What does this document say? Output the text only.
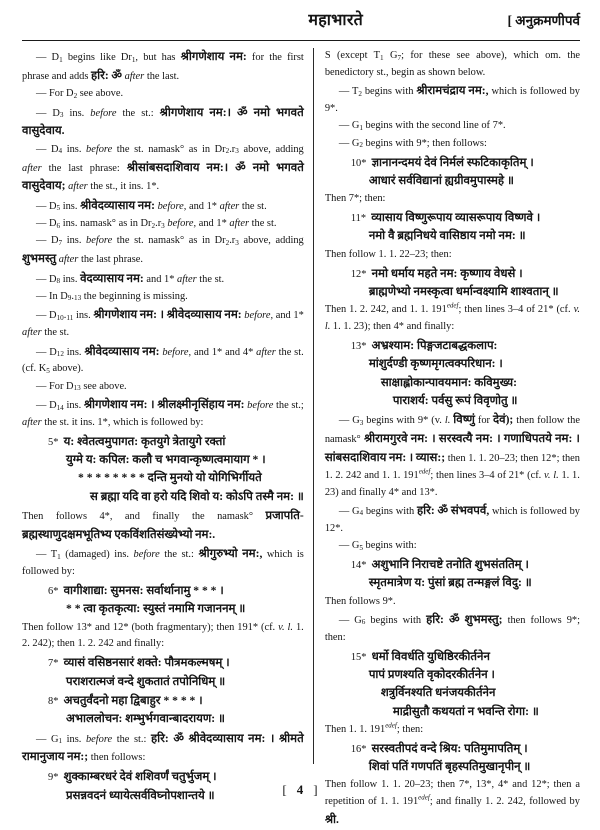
महाभारते	[ अनुक्रमणीपर्व

— $D_1$ begins like $Dr_1$, but has श्रीगणेशाय नम: for the first phrase and adds हरि: ॐ after the last.

— For $D_2$ see above.

— $D_3$ ins. before the st.: श्रीगणेशाय नम:। ॐ नमो भगवते वासुदेवाय.

— $D_4$ ins. before the st. namask° as in $Dr_2.r_3$ above, adding after the last phrase: श्रीसांबसदाशिवाय नम:। ॐ नमो भगवते वासुदेवाय; after the st., it ins. 1*.

— $D_5$ ins. श्रीवेदव्यासाय नम: before, and 1* after the st.

— $D_6$ ins. namask° as in $Dr_2.r_3$ before, and 1* after the st.

— $D_7$ ins. before the st. namask° as in $Dr_2.r_3$ above, adding शुभमस्तु after the last phrase.

— $D_8$ ins. वेदव्यासाय नम: and 1* after the st.

— In $D_9._{13}$ the beginning is missing.

— $D_{10}._{11}$ ins. श्रीगणेशाय नम: । श्रीवेदव्यासाय नम: before, and 1* after the st.

— $D_{12}$ ins. श्रीवेदव्यासाय नम: before, and 1* and 4* after the st. (cf. $K_5$ above).

— For $D_{13}$ see above.

— $D_{14}$ ins. श्रीगणेशाय नम: । श्रीलक्ष्मीनृसिंहाय नम: before the st.; after the st. it ins. 1*, which is followed by:

5*  य: श्वेतत्वमुपागत: कृतयुगे त्रेतायुगे रक्तां
युग्मे य: कपिल: कलौ च भगवान्कृष्णत्वमायाग * ।
* * * * * * * * दन्ति मुनयो यो योगिभिर्गीयते
स ब्रह्मा यदि वा हरो यदि शिवो य: कोऽपि तस्मै नम: ॥

Then follows 4*, and finally the namask° प्रजापति-ब्रह्मस्थाणुदक्षमभूतिभ्य एकविंशतिसंख्येभ्यो नम:.

— $T_1$ (damaged) ins. before the st.: श्रीगुरुभ्यो नम:, which is followed by:

6*  वागीशाद्या: सुमनस: सर्वार्थानामु * * * ।
* * त्वा कृतकृत्या: स्युस्तं नमामि गजाननम् ॥

Then follow 13* and 12* (both fragmentary); then 191* (cf. v. l. 1. 2. 242); then 1. 2. 242 and finally:

7*  व्यासं वसिष्ठनसारं शक्ते: पौत्रमकल्मषम् ।
पराशरात्मजं वन्दे शुकतातं तपोनिधिम् ॥
8*  अचतुर्वंदनो महा द्विबाहुर * * * * ।
अभाललोचन: शम्भुर्भगवान्बादरायण: ॥

— $G_1$ ins. before the st.: हरि: ॐ श्रीवेदव्यासाय नम: । श्रीमते रामानुजाय नम:; then follows:

9*  शुक्काम्बरधरं देवं शशिवर्णं चतुर्भुजम् ।
प्रसन्नवदनं ध्यायेत्सर्वविघ्नोपशान्तये ॥

S (except $T_1$ $G_7$; for these see above), which om. the benedictory st., begin as shown below.

— $T_2$ begins with श्रीरामचंद्राय नम:, which is followed by 9*.

— $G_1$ begins with the second line of 7*.

— $G_2$ begins with 9*; then follows:

10*  ज्ञानानन्दमयं देवं निर्मलं स्फटिकाकृतिम् ।
आधारं सर्वविद्यानां ह्यग्रीवमुपास्महे ॥

Then 7*; then:

11*  व्यासाय विष्णुरूपाय व्यासरूपाय विष्णवे ।
नमो वै ब्रह्मनिधये वासिष्ठाय नमो नम: ॥

Then follow 1. 1. 22–23; then:

12*  नमो धर्माय महते नम: कृष्णाय वेधसे ।
ब्राह्मणेभ्यो नमस्कृत्वा धर्मान्वक्ष्यामि शाश्वतान् ॥

Then 1. 2. 242, and 1. 1. $191^{edef}$; then lines 3–4 of 21* (cf. v. l. 1. 1. 23); then 4* and finally:

13*  अभ्रश्याम: पिङ्गजटाबद्धकलाप:
मांशुर्दण्डी कृष्णमृगत्वक्परिधान: ।
साक्षाह्लोकान्पावयमान: कविमुख्य:
पाराशर्य: पर्वसु रूपं विवृणोतु ॥

— $G_3$ begins with 9* (v. l. विष्णुं for देवं); then follow the namask° श्रीरामगुरवे नम: । सरस्वत्यै नम: । गणाधिपतये नम: । सांबसदाशिवाय नम: । व्यास:; then 1. 1. 20–23; then 12*; then 1. 2. 242 and 1. 1. $191^{edef}$; then lines 3–4 of 21* (cf. v. l. 1. 1. 23) and finally 4* and 13*.

— $G_4$ begins with हरि: ॐ संभवपर्व, which is followed by 12*.

— $G_5$ begins with:

14*  अशुभानि निराचष्टे तनोति शुभसंततिम् ।
स्मृतमात्रेण य: पुंसां ब्रह्म तन्मङ्गलं विदु: ॥

Then follows 9*.

— $G_6$ begins with हरि: ॐ शुभमस्तु; then follows 9*; then:

15*  धर्मो विवर्धति युधिष्ठिरकीर्तनेन
पापं प्रणश्यति वृकोदरकीर्तनेन ।
शत्रुर्विनश्यति धनंजयकीर्तनेन
माद्रीसुतौ कथयतां न भवन्ति रोगा: ॥

Then 1. 1. $191^{edef}$; then:

16*  सरस्वतीपदं वन्दे श्रिय: पतिमुमापतिम् ।
शिवां पतिं गणपतिं बृहस्पतिमुखानृपीन् ॥

Then follow 1. 1. 20–23; then 7*, 13*, 4* and 12*; then a repetition of 1. 1. $191^{edef}$; and finally 1. 2. 242, followed by श्री.

[4]
